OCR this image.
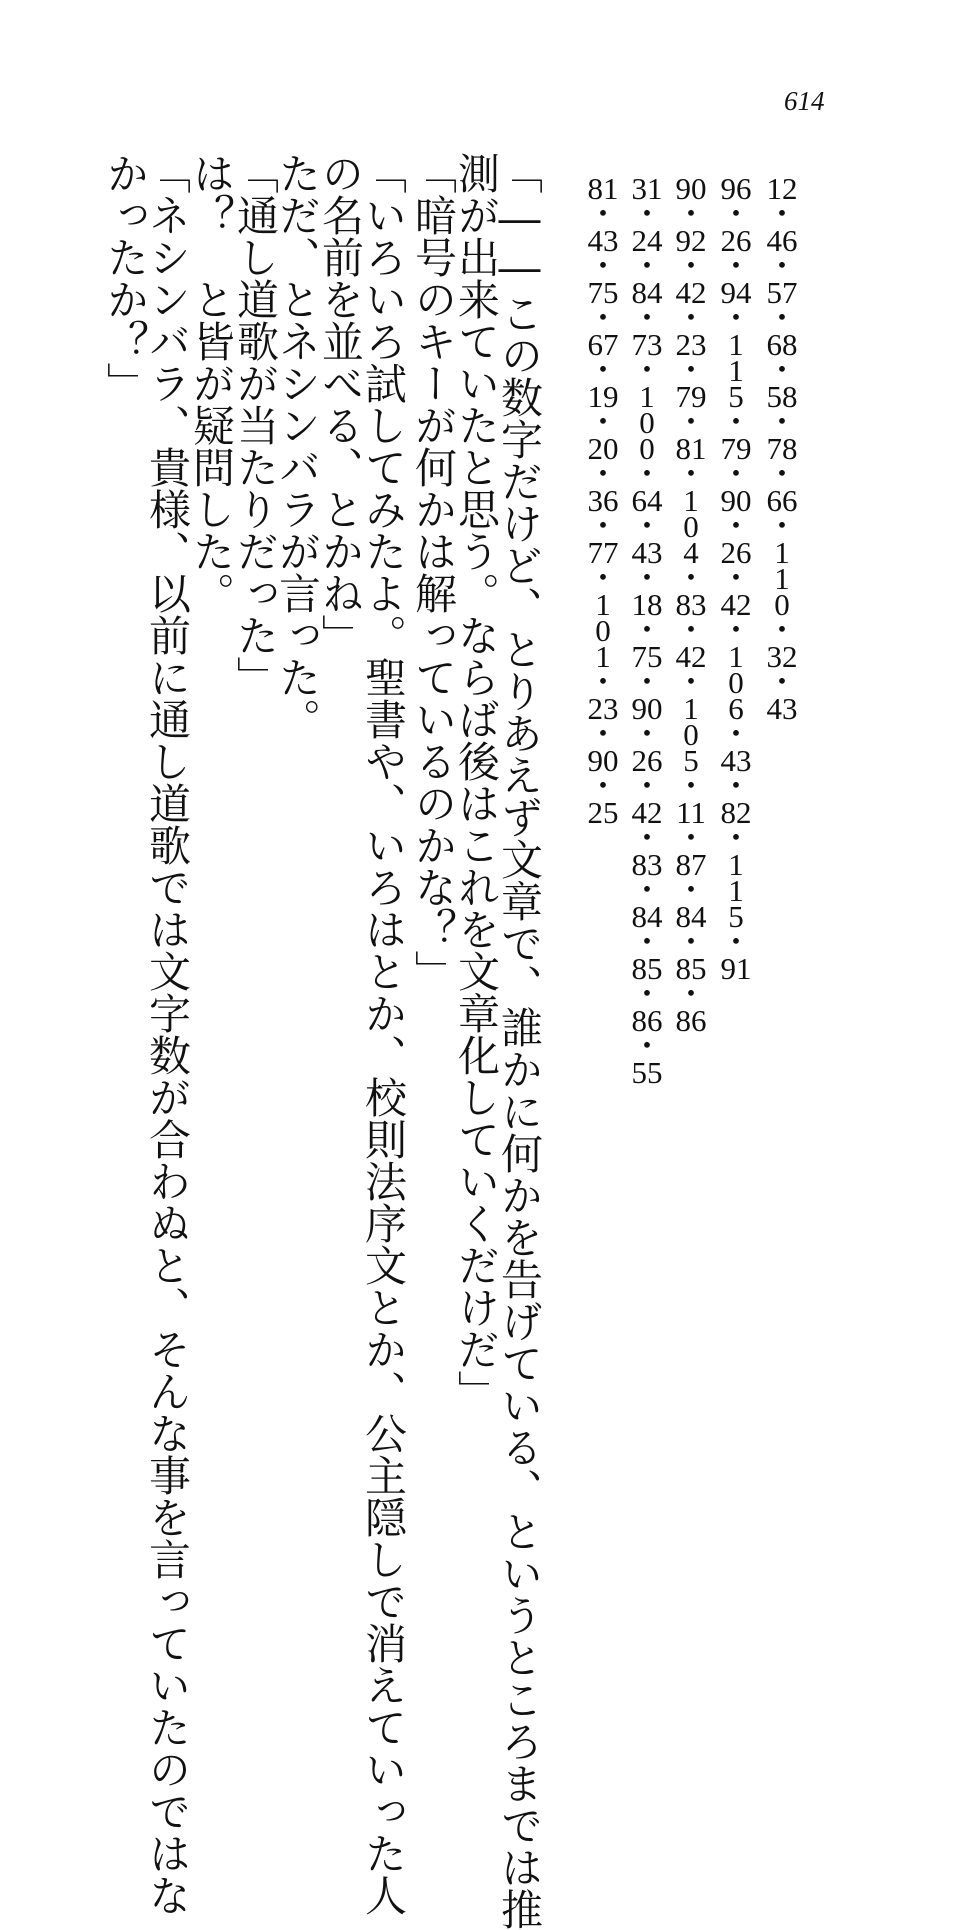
614
12
・
46
・
57
・
68
・
58
・
78
・
66
・
1
1
0
・
32
・
43
96
・
26
・
94
・
1
1
5
・
79
・
90
・
26
・
42
・
1
0
6
・
43
・
82
・
1
1
5
・
91
90
・
92
・
42
・
23
・
79
・
81
・
1
0
4
・
83
・
42
・
1
0
5
・
11
・
87
・
84
・
85
・
86
31
・
24
・
84
・
73
・
1
0
0
・
64
・
43
・
18
・
75
・
90
・
26
・
42
・
83
・
84
・
85
・
86
・
55
81
・
43
・
75
・
67
・
19
・
20
・
36
・
77
・
1
0
1
・
23
・
90
・
25
「――この数字だけど、とりあえず文章で、誰かに何かを告げている、というところまでは推
測が出来ていたと思う。ならば後はこれを文章化していくだけだ」
「暗号のキーが何かは解っているのかな？」
「いろいろ試してみたよ。聖書や、いろはとか、校則法序文とか、公主隠しで消えていった人
の名前を並べる、とかね」
ただ、とネシンバラが言った。
「通し道歌が当たりだった」
は？　と皆が疑問した。
「ネシンバラ、貴様、以前に通し道歌では文字数が合わぬと、そんな事を言っていたのではな
かったか？」
